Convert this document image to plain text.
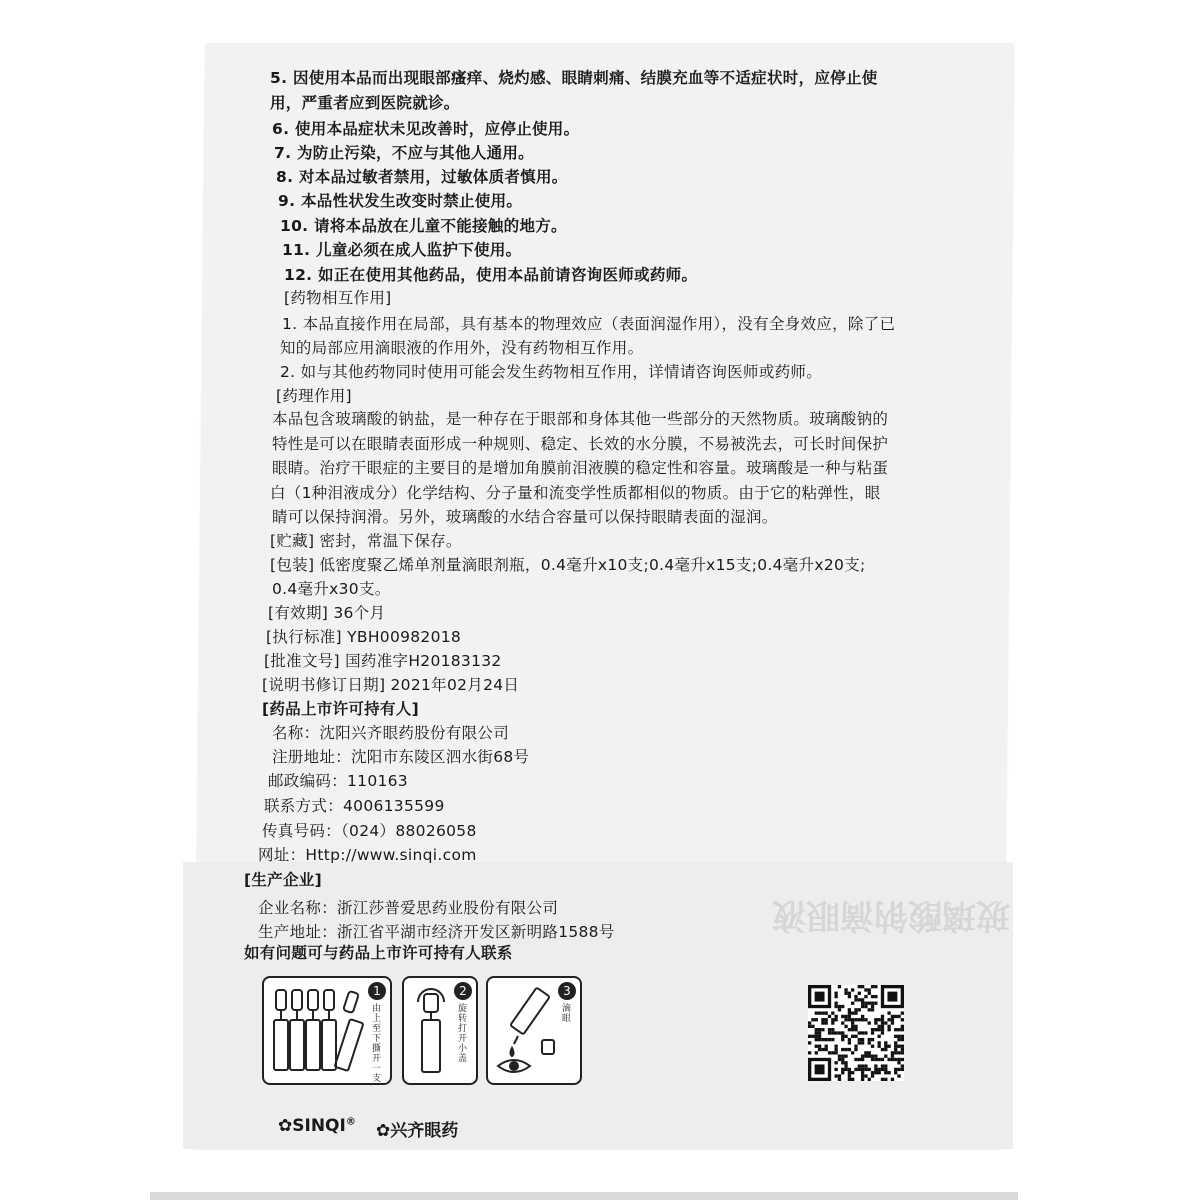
玻璃酸钠滴眼液

5. 因使用本品而出现眼部瘙痒、烧灼感、眼睛刺痛、结膜充血等不适症状时，应停止使
用，严重者应到医院就诊。
6. 使用本品症状未见改善时，应停止使用。
7. 为防止污染，不应与其他人通用。
8. 对本品过敏者禁用，过敏体质者慎用。
9. 本品性状发生改变时禁止使用。
10. 请将本品放在儿童不能接触的地方。
11. 儿童必须在成人监护下使用。
12. 如正在使用其他药品，使用本品前请咨询医师或药师。
[药物相互作用]
1. 本品直接作用在局部，具有基本的物理效应（表面润湿作用），没有全身效应，除了已
知的局部应用滴眼液的作用外，没有药物相互作用。
2. 如与其他药物同时使用可能会发生药物相互作用，详情请咨询医师或药师。
[药理作用]
本品包含玻璃酸的钠盐，是一种存在于眼部和身体其他一些部分的天然物质。玻璃酸钠的
特性是可以在眼睛表面形成一种规则、稳定、长效的水分膜，不易被洗去，可长时间保护
眼睛。治疗干眼症的主要目的是增加角膜前泪液膜的稳定性和容量。玻璃酸是一种与粘蛋
白（1种泪液成分）化学结构、分子量和流变学性质都相似的物质。由于它的粘弹性，眼
睛可以保持润滑。另外，玻璃酸的水结合容量可以保持眼睛表面的湿润。
[贮藏] 密封，常温下保存。
[包装] 低密度聚乙烯单剂量滴眼剂瓶，0.4毫升x10支;0.4毫升x15支;0.4毫升x20支;
0.4毫升x30支。
[有效期] 36个月
[执行标准] YBH00982018
[批准文号] 国药准字H20183132
[说明书修订日期] 2021年02月24日
[药品上市许可持有人]
名称：沈阳兴齐眼药股份有限公司
注册地址：沈阳市东陵区泗水街68号
邮政编码：110163
联系方式：4006135599
传真号码：（024）88026058
网址：Http://www.sinqi.com
[生产企业]
企业名称：浙江莎普爱思药业股份有限公司
生产地址：浙江省平湖市经济开发区新明路1588号
如有问题可与药品上市许可持有人联系
1
由上至下撕开一支
2
旋转打开小盖
3
滴眼
✿SINQI® ✿兴齐眼药
